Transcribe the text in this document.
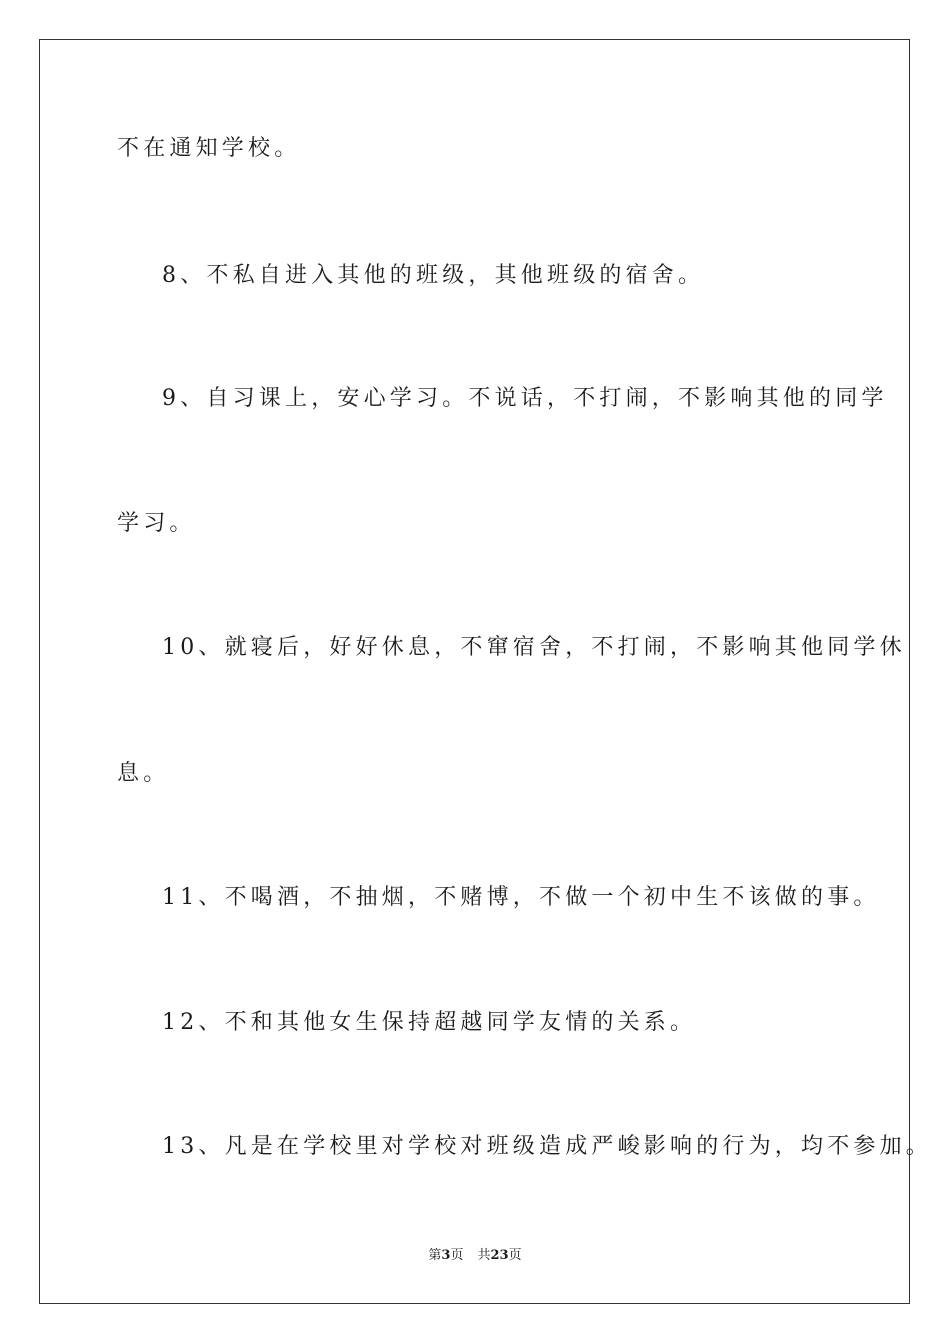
不在通知学校。
8、不私自进入其他的班级，其他班级的宿舍。
9、自习课上，安心学习。不说话，不打闹，不影响其他的同学
学习。
10、就寝后，好好休息，不窜宿舍，不打闹，不影响其他同学休
息。
11、不喝酒，不抽烟，不赌博，不做一个初中生不该做的事。
12、不和其他女生保持超越同学友情的关系。
13、凡是在学校里对学校对班级造成严峻影响的行为，均不参加。
第3页 共23页
